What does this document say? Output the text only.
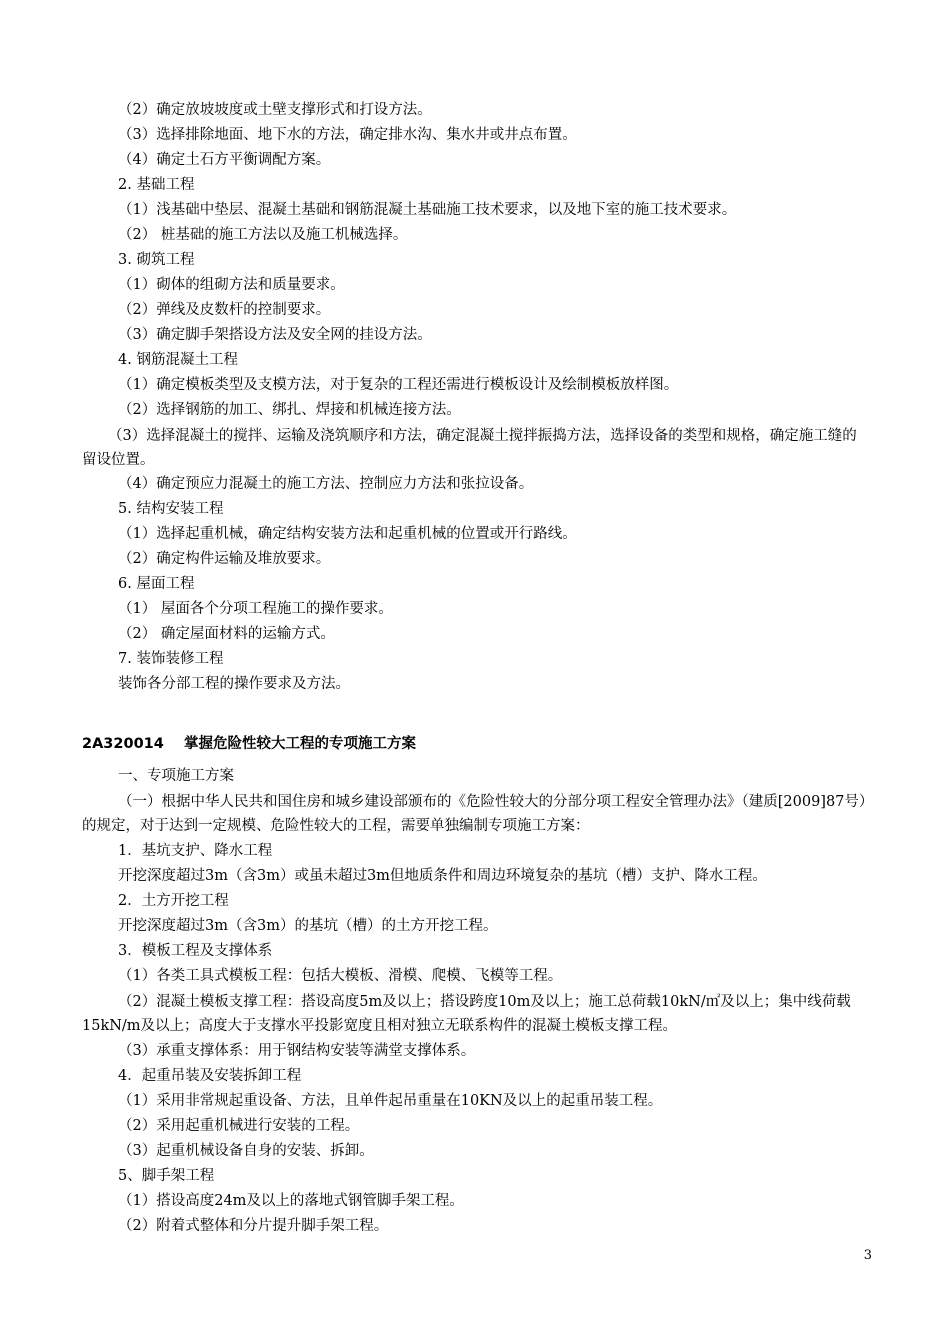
（2）确定放坡坡度或土壁支撑形式和打设方法。
（3）选择排除地面、地下水的方法，确定排水沟、集水井或井点布置。
（4）确定土石方平衡调配方案。
2. 基础工程
（1）浅基础中垫层、混凝土基础和钢筋混凝土基础施工技术要求，以及地下室的施工技术要求。
（2） 桩基础的施工方法以及施工机械选择。
3. 砌筑工程
（1）砌体的组砌方法和质量要求。
（2）弹线及皮数杆的控制要求。
（3）确定脚手架搭设方法及安全网的挂设方法。
4. 钢筋混凝土工程
（1）确定模板类型及支模方法，对于复杂的工程还需进行模板设计及绘制模板放样图。
（2）选择钢筋的加工、绑扎、焊接和机械连接方法。
（3）选择混凝土的搅拌、运输及浇筑顺序和方法，确定混凝土搅拌振捣方法，选择设备的类型和规格，确定施工缝的留设位置。
（4）确定预应力混凝土的施工方法、控制应力方法和张拉设备。
5. 结构安装工程
（1）选择起重机械，确定结构安装方法和起重机械的位置或开行路线。
（2）确定构件运输及堆放要求。
6. 屋面工程
（1） 屋面各个分项工程施工的操作要求。
（2） 确定屋面材料的运输方式。
7. 装饰装修工程
装饰各分部工程的操作要求及方法。
2A320014    掌握危险性较大工程的专项施工方案
一、专项施工方案
（一）根据中华人民共和国住房和城乡建设部颁布的《危险性较大的分部分项工程安全管理办法》（建质[2009]87号）的规定，对于达到一定规模、危险性较大的工程，需要单独编制专项施工方案：
1．基坑支护、降水工程
开挖深度超过3m（含3m）或虽未超过3m但地质条件和周边环境复杂的基坑（槽）支护、降水工程。
2．土方开挖工程
开挖深度超过3m（含3m）的基坑（槽）的土方开挖工程。
3．模板工程及支撑体系
（1）各类工具式模板工程：包括大模板、滑模、爬模、飞模等工程。
（2）混凝土模板支撑工程：搭设高度5m及以上；搭设跨度10m及以上；施工总荷载10kN/㎡及以上；集中线荷载15kN/m及以上；高度大于支撑水平投影宽度且相对独立无联系构件的混凝土模板支撑工程。
（3）承重支撑体系：用于钢结构安装等满堂支撑体系。
4．起重吊装及安装拆卸工程
（1）采用非常规起重设备、方法，且单件起吊重量在10KN及以上的起重吊装工程。
（2）采用起重机械进行安装的工程。
（3）起重机械设备自身的安装、拆卸。
5、脚手架工程
（1）搭设高度24m及以上的落地式钢管脚手架工程。
（2）附着式整体和分片提升脚手架工程。
3
